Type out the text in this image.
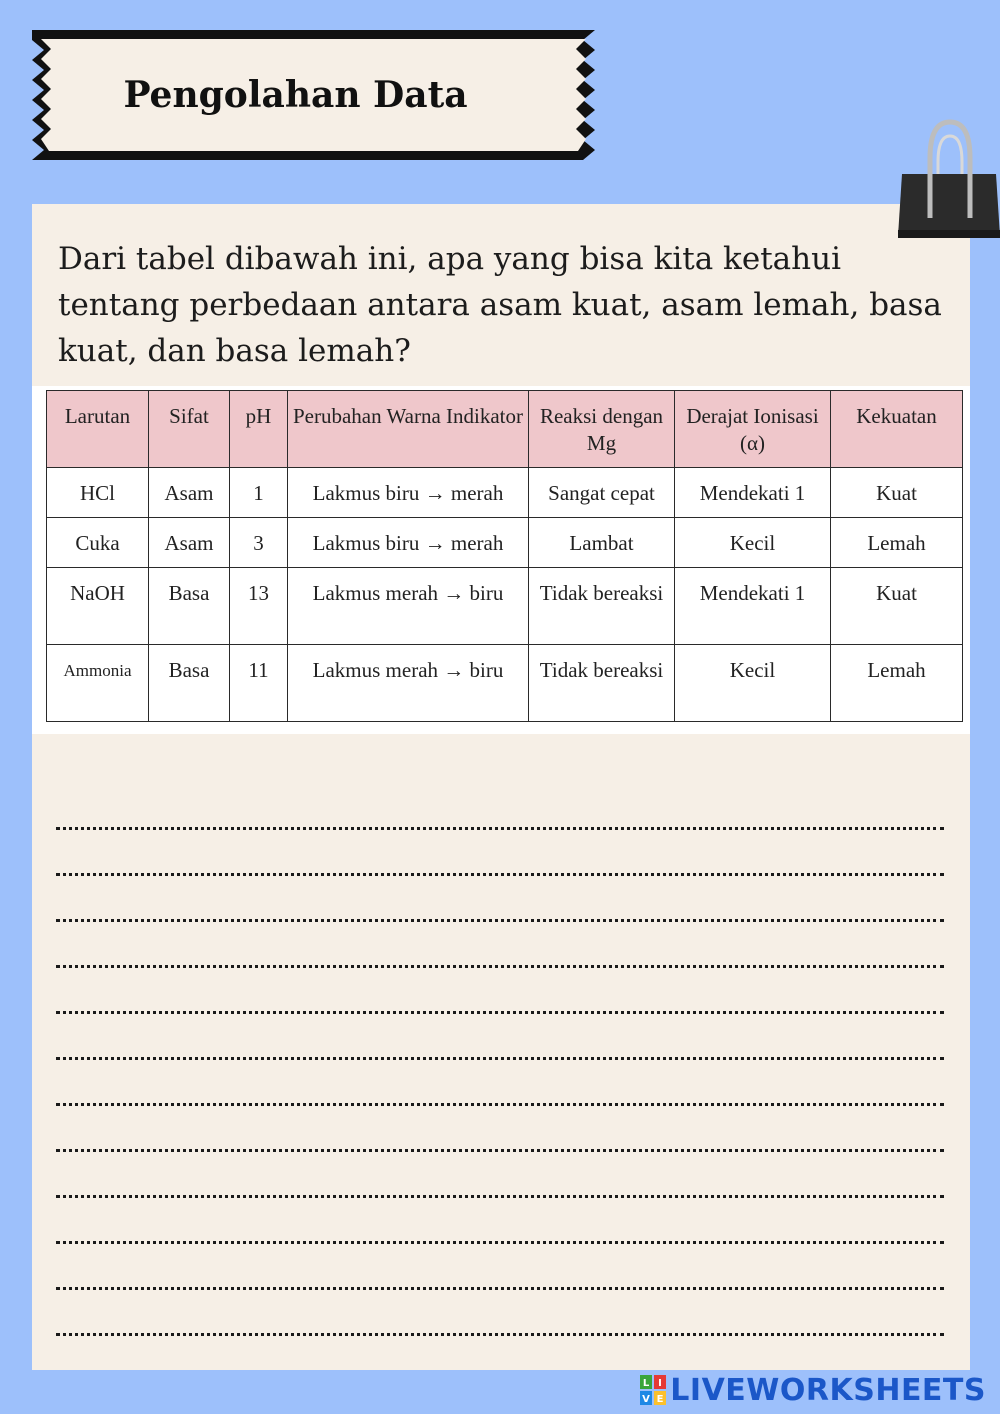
Pengolahan Data

Dari tabel dibawah ini, apa yang bisa kita ketahui tentang perbedaan antara asam kuat, asam lemah, basa kuat, dan basa lemah?

Larutan	Sifat	pH	Perubahan Warna Indikator	Reaksi dengan Mg	Derajat Ionisasi (α)	Kekuatan
HCl	Asam	1	Lakmus biru → merah	Sangat cepat	Mendekati 1	Kuat
Cuka	Asam	3	Lakmus biru → merah	Lambat	Kecil	Lemah
NaOH	Basa	13	Lakmus merah → biru	Tidak bereaksi	Mendekati 1	Kuat
Ammonia	Basa	11	Lakmus merah → biru	Tidak bereaksi	Kecil	Lemah
L I
V E LIVEWORKSHEETS
